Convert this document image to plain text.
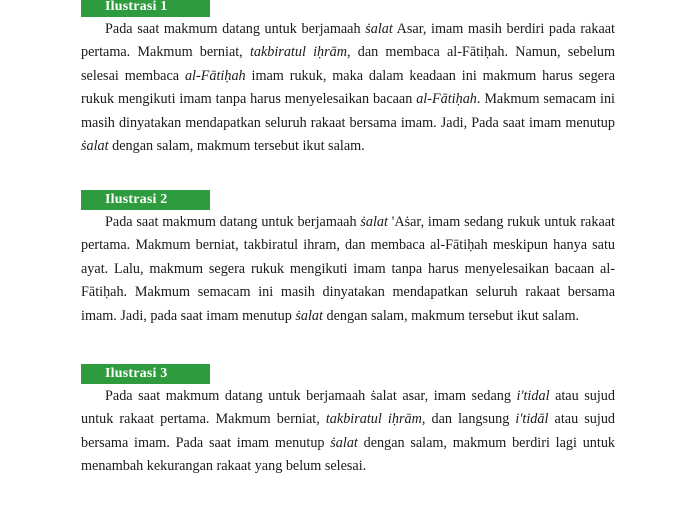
Ilustrasi 1

Pada saat makmum datang untuk berjamaah ṡalat Asar, imam masih berdiri pada rakaat pertama. Makmum berniat, takbiratul iḥrām, dan membaca al-Fātiḥah. Namun, sebelum selesai membaca al-Fātiḥah imam rukuk, maka dalam keadaan ini makmum harus segera rukuk mengikuti imam tanpa harus menyelesaikan bacaan al-Fātiḥah. Makmum semacam ini masih dinyatakan mendapatkan seluruh rakaat bersama imam. Jadi, Pada saat imam menutup ṡalat dengan salam, makmum tersebut ikut salam.

Ilustrasi 2

Pada saat makmum datang untuk berjamaah ṡalat 'Aṡar, imam sedang rukuk untuk rakaat pertama. Makmum berniat, takbiratul ihram, dan membaca al-Fātiḥah meskipun hanya satu ayat. Lalu, makmum segera rukuk mengikuti imam tanpa harus menyelesaikan bacaan al-Fātiḥah. Makmum semacam ini masih dinyatakan mendapatkan seluruh rakaat bersama imam. Jadi, pada saat imam menutup ṡalat dengan salam, makmum tersebut ikut salam.

Ilustrasi 3

Pada saat makmum datang untuk berjamaah ṡalat asar, imam sedang i'tidal atau sujud untuk rakaat pertama. Makmum berniat, takbiratul iḥrām, dan langsung i'tidāl atau sujud bersama imam. Pada saat imam menutup ṡalat dengan salam, makmum berdiri lagi untuk menambah kekurangan rakaat yang belum selesai.
